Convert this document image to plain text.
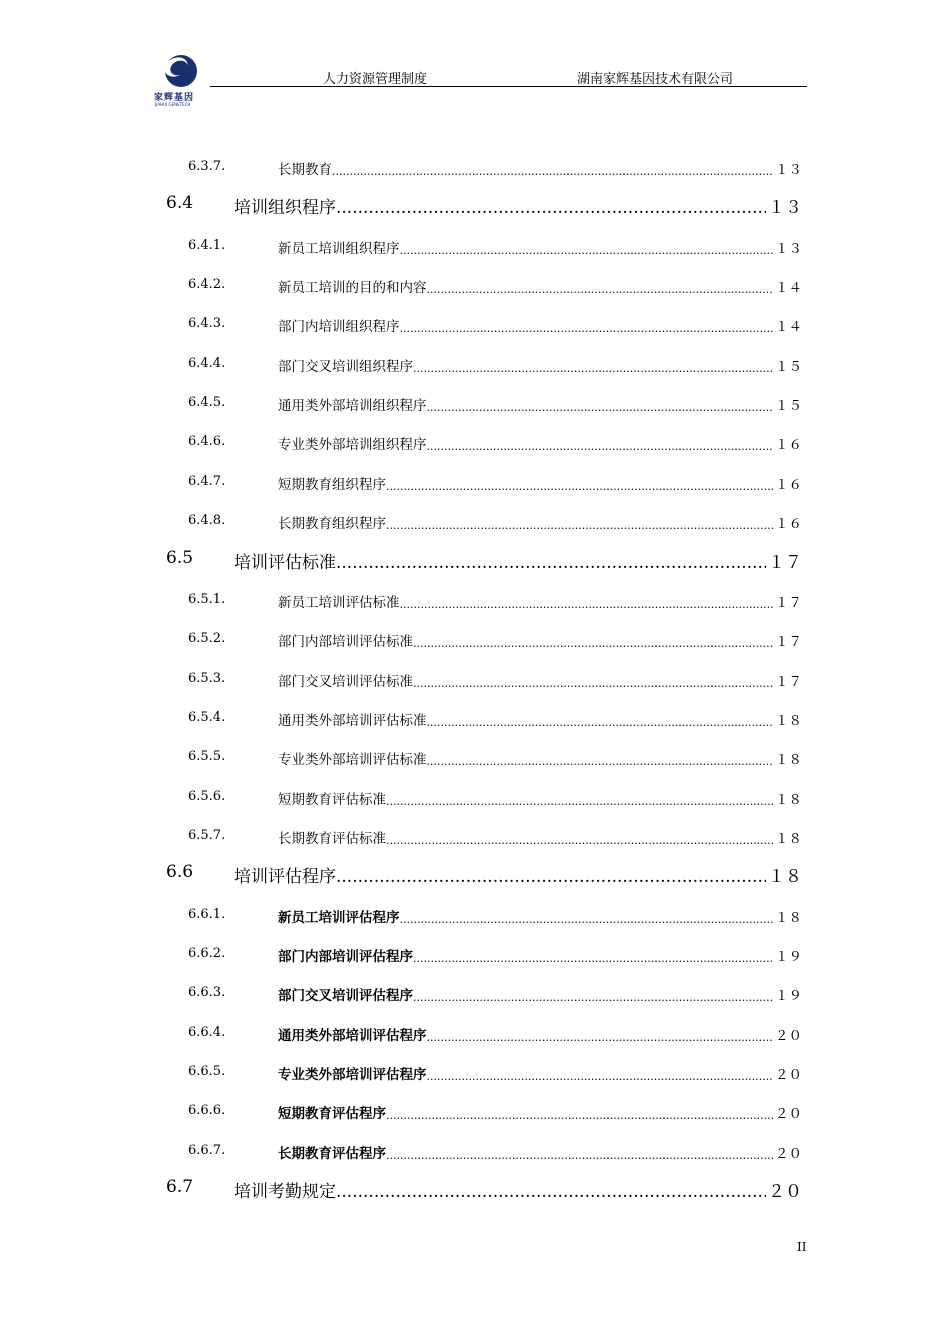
家辉基因
JIAHUI GENETECH
人力资源管理制度	湖南家辉基因技术有限公司
6.3.7.	长期教育 .....	１３
6.4 培训组织程序 .....	１３
6.4.1.	新员工培训组织程序 .....	１３
6.4.2.	新员工培训的目的和内容 .....	１４
6.4.3.	部门内培训组织程序 .....	１４
6.4.4.	部门交叉培训组织程序 .....	１５
6.4.5.	通用类外部培训组织程序 .....	１５
6.4.6.	专业类外部培训组织程序 .....	１６
6.4.7.	短期教育组织程序 .....	１６
6.4.8.	长期教育组织程序 .....	１６
6.5 培训评估标准 .....	１７
6.5.1.	新员工培训评估标准 .....	１７
6.5.2.	部门内部培训评估标准 .....	１７
6.5.3.	部门交叉培训评估标准 .....	１７
6.5.4.	通用类外部培训评估标准 .....	１８
6.5.5.	专业类外部培训评估标准 .....	１８
6.5.6.	短期教育评估标准 .....	１８
6.5.7.	长期教育评估标准 .....	１８
6.6 培训评估程序 .....	１８
6.6.1.	新员工培训评估程序 .....	１８
6.6.2.	部门内部培训评估程序 .....	１９
6.6.3.	部门交叉培训评估程序 .....	１９
6.6.4.	通用类外部培训评估程序 .....	２０
6.6.5.	专业类外部培训评估程序 .....	２０
6.6.6.	短期教育评估程序 .....	２０
6.6.7.	长期教育评估程序 .....	２０
6.7 培训考勤规定 .....	２０
II
